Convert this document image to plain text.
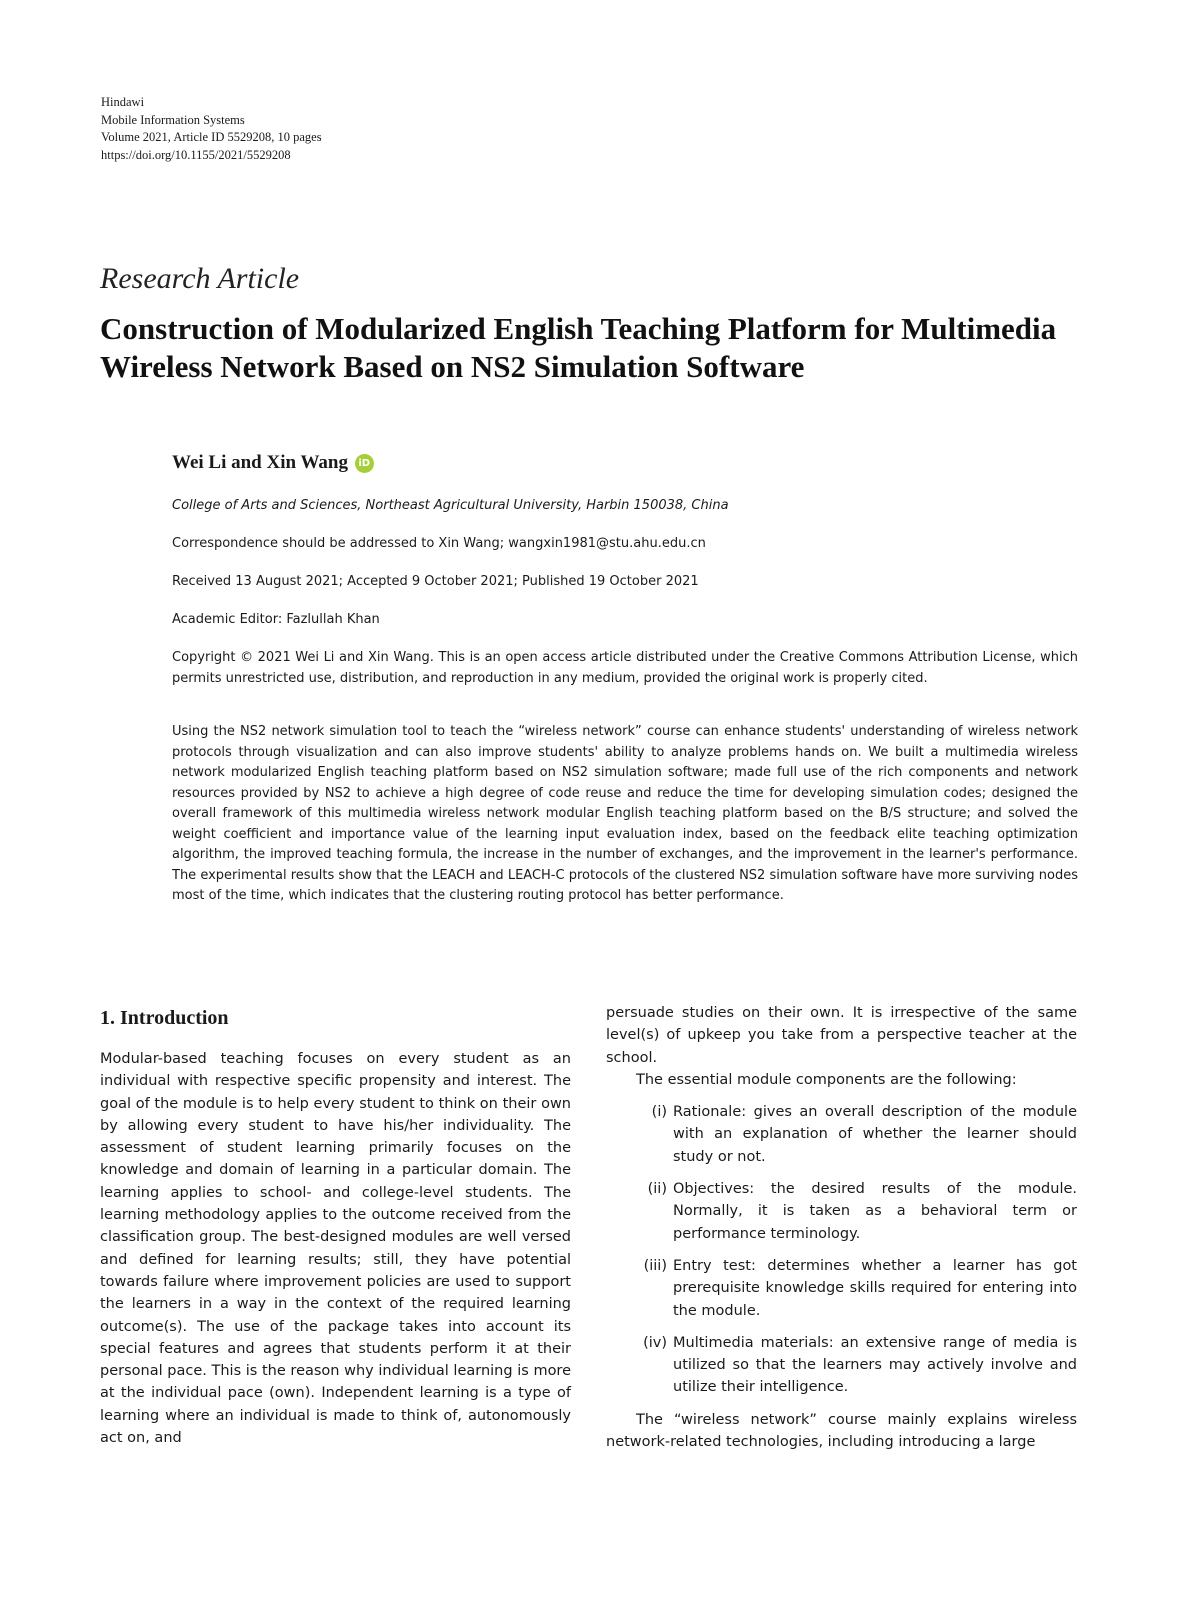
Hindawi
Mobile Information Systems
Volume 2021, Article ID 5529208, 10 pages
https://doi.org/10.1155/2021/5529208
Research Article
Construction of Modularized English Teaching Platform for Multimedia Wireless Network Based on NS2 Simulation Software
Wei Li and Xin Wang iD
College of Arts and Sciences, Northeast Agricultural University, Harbin 150038, China
Correspondence should be addressed to Xin Wang; wangxin1981@stu.ahu.edu.cn
Received 13 August 2021; Accepted 9 October 2021; Published 19 October 2021
Academic Editor: Fazlullah Khan
Copyright © 2021 Wei Li and Xin Wang. This is an open access article distributed under the Creative Commons Attribution License, which permits unrestricted use, distribution, and reproduction in any medium, provided the original work is properly cited.
Using the NS2 network simulation tool to teach the “wireless network” course can enhance students' understanding of wireless network protocols through visualization and can also improve students' ability to analyze problems hands on. We built a multimedia wireless network modularized English teaching platform based on NS2 simulation software; made full use of the rich components and network resources provided by NS2 to achieve a high degree of code reuse and reduce the time for developing simulation codes; designed the overall framework of this multimedia wireless network modular English teaching platform based on the B/S structure; and solved the weight coefficient and importance value of the learning input evaluation index, based on the feedback elite teaching optimization algorithm, the improved teaching formula, the increase in the number of exchanges, and the improvement in the learner's performance. The experimental results show that the LEACH and LEACH-C protocols of the clustered NS2 simulation software have more surviving nodes most of the time, which indicates that the clustering routing protocol has better performance.
1. Introduction
Modular-based teaching focuses on every student as an individual with respective specific propensity and interest. The goal of the module is to help every student to think on their own by allowing every student to have his/her individuality. The assessment of student learning primarily focuses on the knowledge and domain of learning in a particular domain. The learning applies to school- and college-level students. The learning methodology applies to the outcome received from the classification group. The best-designed modules are well versed and defined for learning results; still, they have potential towards failure where improvement policies are used to support the learners in a way in the context of the required learning outcome(s). The use of the package takes into account its special features and agrees that students perform it at their personal pace. This is the reason why individual learning is more at the individual pace (own). Independent learning is a type of learning where an individual is made to think of, autonomously act on, and

persuade studies on their own. It is irrespective of the same level(s) of upkeep you take from a perspective teacher at the school.

The essential module components are the following:

(i) Rationale: gives an overall description of the module with an explanation of whether the learner should study or not.
(ii) Objectives: the desired results of the module. Normally, it is taken as a behavioral term or performance terminology.
(iii) Entry test: determines whether a learner has got prerequisite knowledge skills required for entering into the module.
(iv) Multimedia materials: an extensive range of media is utilized so that the learners may actively involve and utilize their intelligence.

The “wireless network” course mainly explains wireless network-related technologies, including introducing a large
